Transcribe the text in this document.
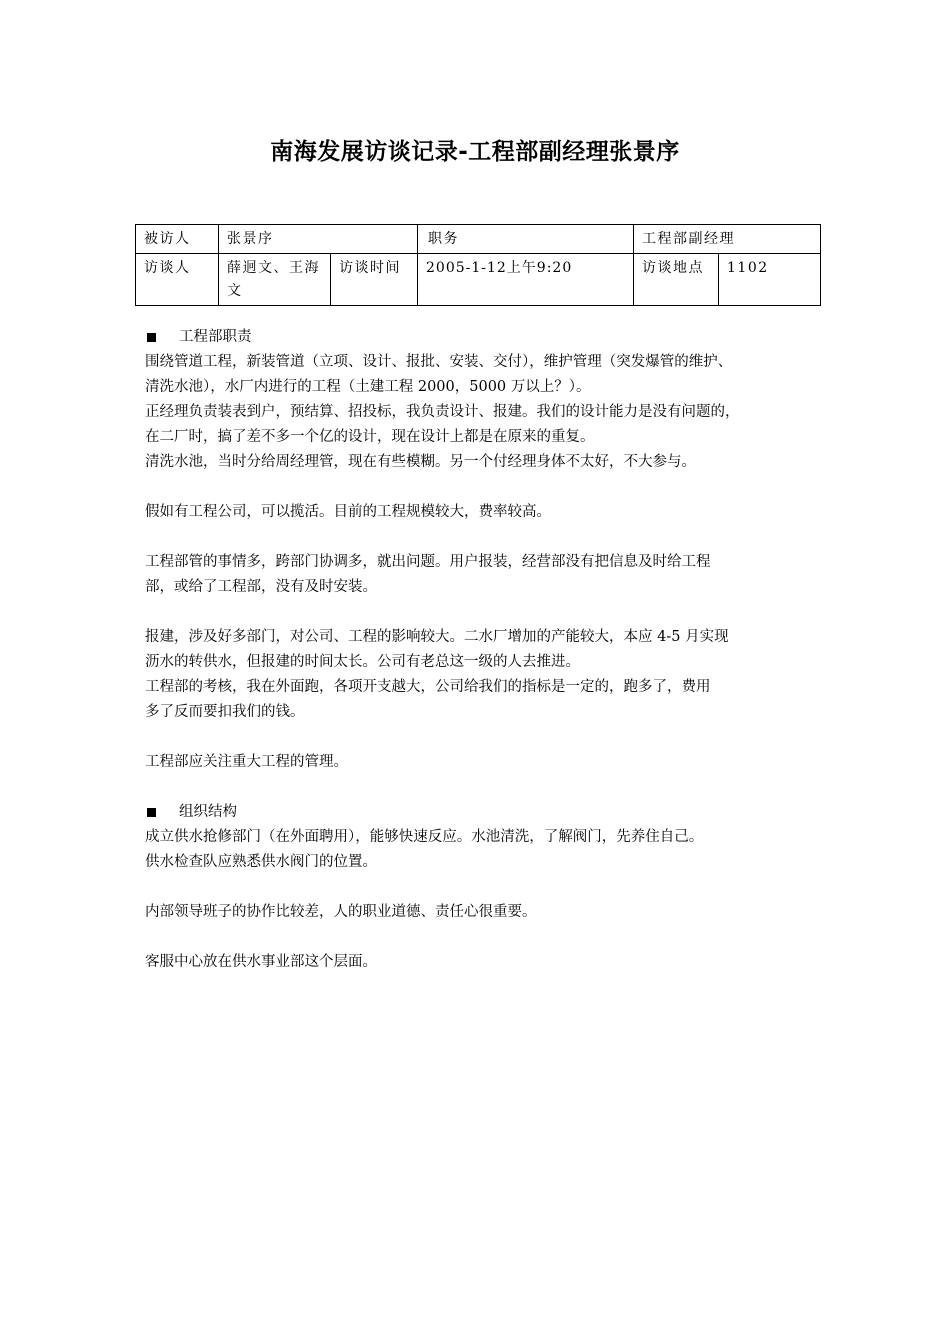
南海发展访谈记录-工程部副经理张景序
被访人	张景序		职务	工程部副经理	
访谈人	薛迥文、王海文	访谈时间	2005-1-12上午9:20	访谈地点	1102
工程部职责

围绕管道工程，新装管道（立项、设计、报批、安装、交付），维护管理（突发爆管的维护、

清洗水池），水厂内进行的工程（土建工程 2000，5000 万以上？）。

正经理负责装表到户，预结算、招投标，我负责设计、报建。我们的设计能力是没有问题的，

在二厂时，搞了差不多一个亿的设计，现在设计上都是在原来的重复。

清洗水池，当时分给周经理管，现在有些模糊。另一个付经理身体不太好，不大参与。

假如有工程公司，可以揽活。目前的工程规模较大，费率较高。

工程部管的事情多，跨部门协调多，就出问题。用户报装，经营部没有把信息及时给工程

部，或给了工程部，没有及时安装。

报建，涉及好多部门，对公司、工程的影响较大。二水厂增加的产能较大，本应 4-5 月实现

沥水的转供水，但报建的时间太长。公司有老总这一级的人去推进。

工程部的考核，我在外面跑，各项开支越大，公司给我们的指标是一定的，跑多了，费用

多了反而要扣我们的钱。

工程部应关注重大工程的管理。

组织结构

成立供水抢修部门（在外面聘用），能够快速反应。水池清洗，了解阀门，先养住自己。

供水检查队应熟悉供水阀门的位置。

内部领导班子的协作比较差，人的职业道德、责任心很重要。

客服中心放在供水事业部这个层面。
